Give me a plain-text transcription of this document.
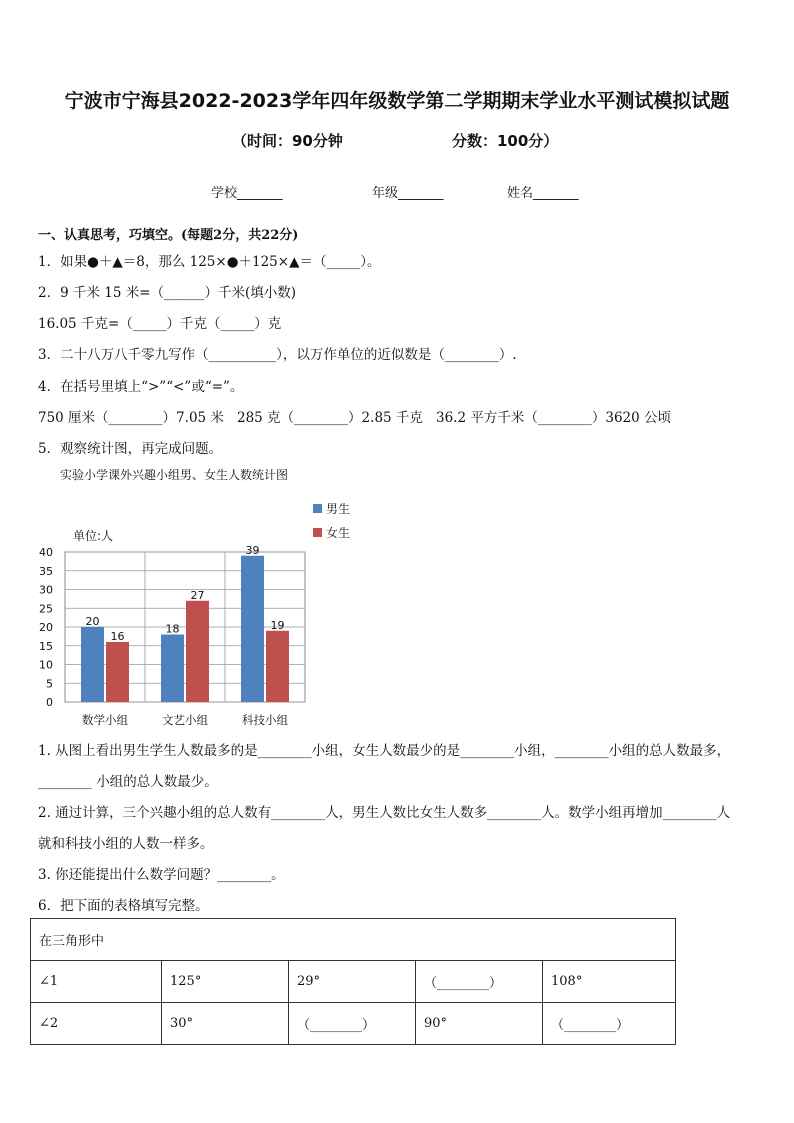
宁波市宁海县2022-2023学年四年级数学第二学期期末学业水平测试模拟试题
（时间：90分钟	分数：100分）
学校_______	年级_______	姓名_______
一、认真思考，巧填空。(每题2分，共22分)
1．如果●＋▲＝8，那么 125×●＋125×▲＝（_____）。
2．9 千米 15 米=（______）千米(填小数)
16.05 千克=（_____）千克（_____）克
3．二十八万八千零九写作（__________），以万作单位的近似数是（________）.
4．在括号里填上“>”“<”或“=”。
750 厘米（________）7.05 米 285 克（________）2.85 千克 36.2 平方千米（________）3620 公顷
5．观察统计图，再完成问题。
实验小学课外兴趣小组男、女生人数统计图
0
5
10
15
20
25
30
35
40
单位:人
20
16
数学小组
18
27
文艺小组
39
19
科技小组
男生
女生
1. 从图上看出男生学生人数最多的是________小组，女生人数最少的是________小组，________小组的总人数最多，
________ 小组的总人数最少。
2. 通过计算，三个兴趣小组的总人数有________人，男生人数比女生人数多________人。数学小组再增加________人
就和科技小组的人数一样多。
3. 你还能提出什么数学问题？________。
6．把下面的表格填写完整。
在三角形中				
∠1	125°	29°	（________）	108°
∠2	30°	（________）	90°	（________）
